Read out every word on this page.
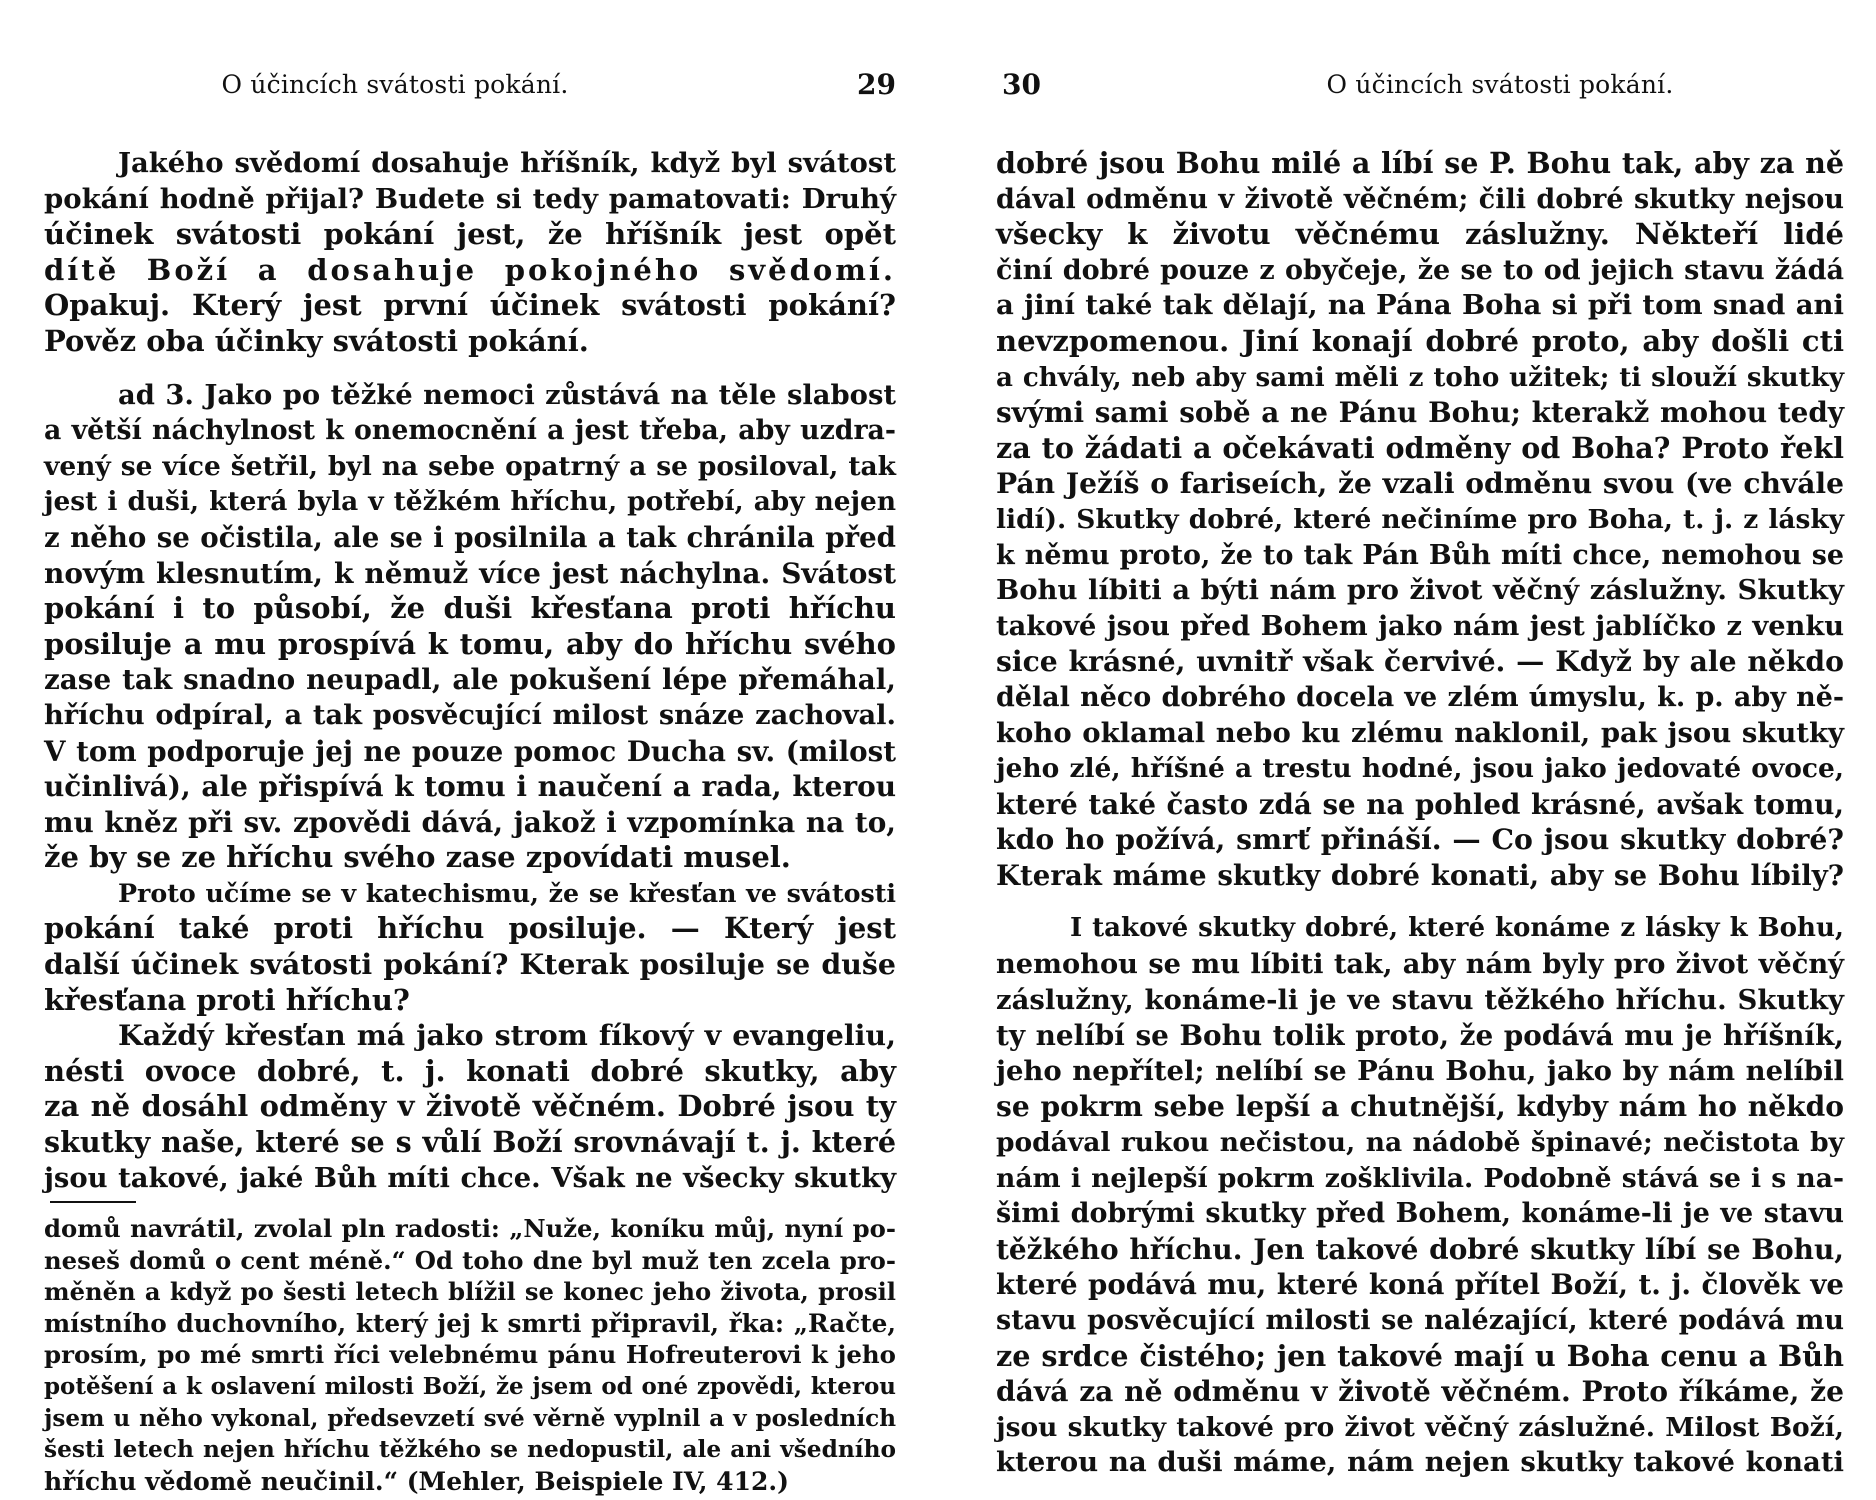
O účincích svátosti pokání.	29
Jakého svědomí dosahuje hříšník, když byl svátost
pokání hodně přijal? Budete si tedy pamatovati: Druhý
účinek svátosti pokání jest, že hříšník jest opět
dítě Boží a dosahuje pokojného svědomí.
Opakuj. Který jest první účinek svátosti pokání?
Pověz oba účinky svátosti pokání.
ad 3. Jako po těžké nemoci zůstává na těle slabost
a větší náchylnost k onemocnění a jest třeba, aby uzdra-
vený se více šetřil, byl na sebe opatrný a se posiloval, tak
jest i duši, která byla v těžkém hříchu, potřebí, aby nejen
z něho se očistila, ale se i posilnila a tak chránila před
novým klesnutím, k němuž více jest náchylna. Svátost
pokání i to působí, že duši křesťana proti hříchu
posiluje a mu prospívá k tomu, aby do hříchu svého
zase tak snadno neupadl, ale pokušení lépe přemáhal,
hříchu odpíral, a tak posvěcující milost snáze zachoval.
V tom podporuje jej ne pouze pomoc Ducha sv. (milost
učinlivá), ale přispívá k tomu i naučení a rada, kterou
mu kněz při sv. zpovědi dává, jakož i vzpomínka na to,
že by se ze hříchu svého zase zpovídati musel.
Proto učíme se v katechismu, že se křesťan ve svátosti
pokání také proti hříchu posiluje. — Který jest
další účinek svátosti pokání? Kterak posiluje se duše
křesťana proti hříchu?
Každý křesťan má jako strom fíkový v evangeliu,
nésti ovoce dobré, t. j. konati dobré skutky, aby
za ně dosáhl odměny v životě věčném. Dobré jsou ty
skutky naše, které se s vůlí Boží srovnávají t. j. které
jsou takové, jaké Bůh míti chce. Však ne všecky skutky
domů navrátil, zvolal pln radosti: „Nuže, koníku můj, nyní po-
neseš domů o cent méně.“ Od toho dne byl muž ten zcela pro-
měněn a když po šesti letech blížil se konec jeho života, prosil
místního duchovního, který jej k smrti připravil, řka: „Račte,
prosím, po mé smrti říci velebnému pánu Hofreuterovi k jeho
potěšení a k oslavení milosti Boží, že jsem od oné zpovědi, kterou
jsem u něho vykonal, předsevzetí své věrně vyplnil a v posledních
šesti letech nejen hříchu těžkého se nedopustil, ale ani všedního
hříchu vědomě neučinil.“ (Mehler, Beispiele IV, 412.)
30	O účincích svátosti pokání.
dobré jsou Bohu milé a líbí se P. Bohu tak, aby za ně
dával odměnu v životě věčném; čili dobré skutky nejsou
všecky k životu věčnému záslužny. Někteří lidé
činí dobré pouze z obyčeje, že se to od jejich stavu žádá
a jiní také tak dělají, na Pána Boha si při tom snad ani
nevzpomenou. Jiní konají dobré proto, aby došli cti
a chvály, neb aby sami měli z toho užitek; ti slouží skutky
svými sami sobě a ne Pánu Bohu; kterakž mohou tedy
za to žádati a očekávati odměny od Boha? Proto řekl
Pán Ježíš o fariseích, že vzali odměnu svou (ve chvále
lidí). Skutky dobré, které nečiníme pro Boha, t. j. z lásky
k němu proto, že to tak Pán Bůh míti chce, nemohou se
Bohu líbiti a býti nám pro život věčný záslužny. Skutky
takové jsou před Bohem jako nám jest jablíčko z venku
sice krásné, uvnitř však červivé. — Když by ale někdo
dělal něco dobrého docela ve zlém úmyslu, k. p. aby ně-
koho oklamal nebo ku zlému naklonil, pak jsou skutky
jeho zlé, hříšné a trestu hodné, jsou jako jedovaté ovoce,
které také často zdá se na pohled krásné, avšak tomu,
kdo ho požívá, smrť přináší. — Co jsou skutky dobré?
Kterak máme skutky dobré konati, aby se Bohu líbily?
I takové skutky dobré, které konáme z lásky k Bohu,
nemohou se mu líbiti tak, aby nám byly pro život věčný
záslužny, konáme-li je ve stavu těžkého hříchu. Skutky
ty nelíbí se Bohu tolik proto, že podává mu je hříšník,
jeho nepřítel; nelíbí se Pánu Bohu, jako by nám nelíbil
se pokrm sebe lepší a chutnější, kdyby nám ho někdo
podával rukou nečistou, na nádobě špinavé; nečistota by
nám i nejlepší pokrm zošklivila. Podobně stává se i s na-
šimi dobrými skutky před Bohem, konáme-li je ve stavu
těžkého hříchu. Jen takové dobré skutky líbí se Bohu,
které podává mu, které koná přítel Boží, t. j. člověk ve
stavu posvěcující milosti se nalézající, které podává mu
ze srdce čistého; jen takové mají u Boha cenu a Bůh
dává za ně odměnu v životě věčném. Proto říkáme, že
jsou skutky takové pro život věčný záslužné. Milost Boží,
kterou na duši máme, nám nejen skutky takové konati
